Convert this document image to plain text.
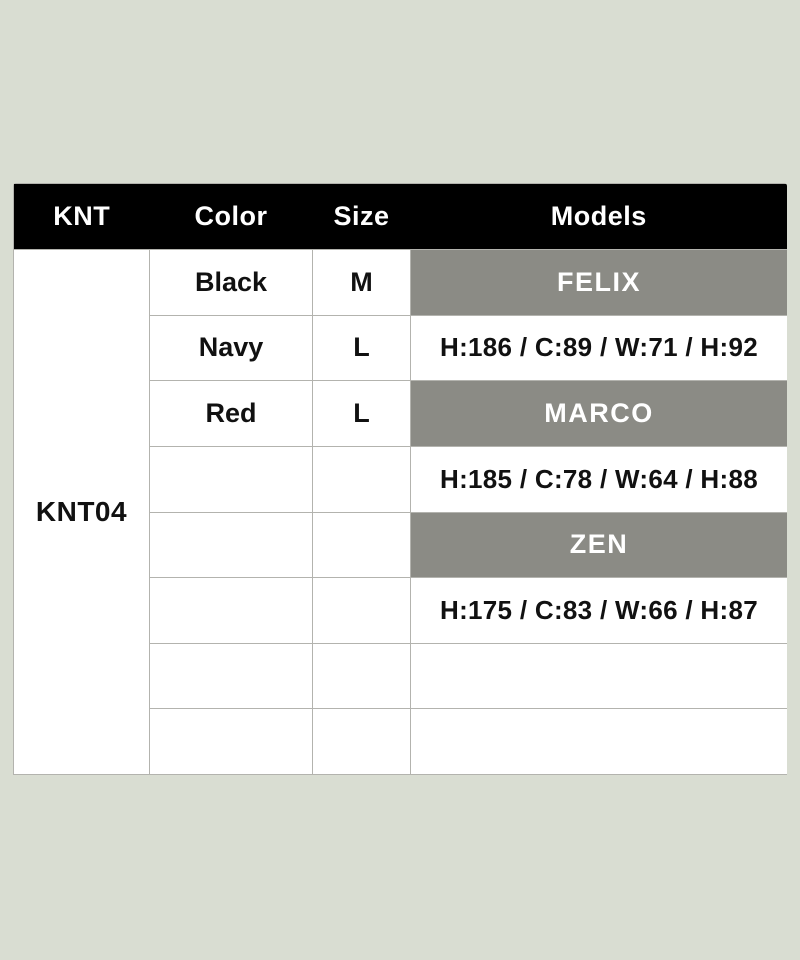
KNT	Color	Size	Models
KNT04	Black	M	FELIX
	Navy	L	H:186 / C:89 / W:71 / H:92
	Red	L	MARCO
			H:185 / C:78 / W:64 / H:88
			ZEN
			H:175 / C:83 / W:66 / H:87
